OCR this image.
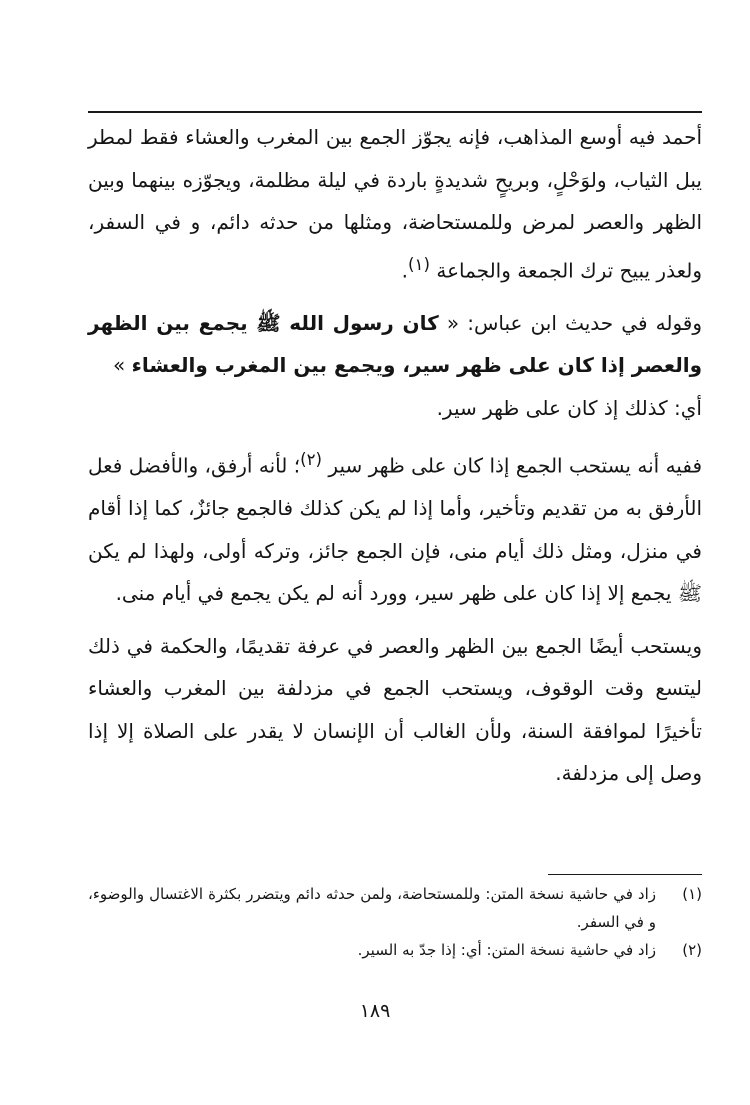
أحمد فيه أوسع المذاهب، فإنه يجوّز الجمع بين المغرب والعشاء فقط لمطر يبل الثياب، ولوَحْلٍ، وبريحٍ شديدةٍ باردة في ليلة مظلمة، ويجوّزه بينهما وبين الظهر والعصر لمرض وللمستحاضة، ومثلها من حدثه دائم، و في السفر، ولعذر يبيح ترك الجمعة والجماعة $^{(١)}$.

وقوله في حديث ابن عباس: « كان رسول الله ﷺ يجمع بين الظهر والعصر إذا كان على ظهر سير، ويجمع بين المغرب والعشاء »
أي: كذلك إذ كان على ظهر سير.

ففيه أنه يستحب الجمع إذا كان على ظهر سير $^{(٢)}$؛ لأنه أرفق، والأفضل فعل الأرفق به من تقديم وتأخير، وأما إذا لم يكن كذلك فالجمع جائزٌ، كما إذا أقام في منزل، ومثل ذلك أيام منى، فإن الجمع جائز، وتركه أولى، ولهذا لم يكن ﷺ يجمع إلا إذا كان على ظهر سير، وورد أنه لم يكن يجمع في أيام منى.

ويستحب أيضًا الجمع بين الظهر والعصر في عرفة تقديمًا، والحكمة في ذلك ليتسع وقت الوقوف، ويستحب الجمع في مزدلفة بين المغرب والعشاء تأخيرًا لموافقة السنة، ولأن الغالب أن الإنسان لا يقدر على الصلاة إلا إذا وصل إلى مزدلفة.

(١)
زاد في حاشية نسخة المتن: وللمستحاضة، ولمن حدثه دائم ويتضرر بكثرة الاغتسال والوضوء، و في السفر.
(٢)
زاد في حاشية نسخة المتن: أي: إذا جدّ به السير.
١٨٩
